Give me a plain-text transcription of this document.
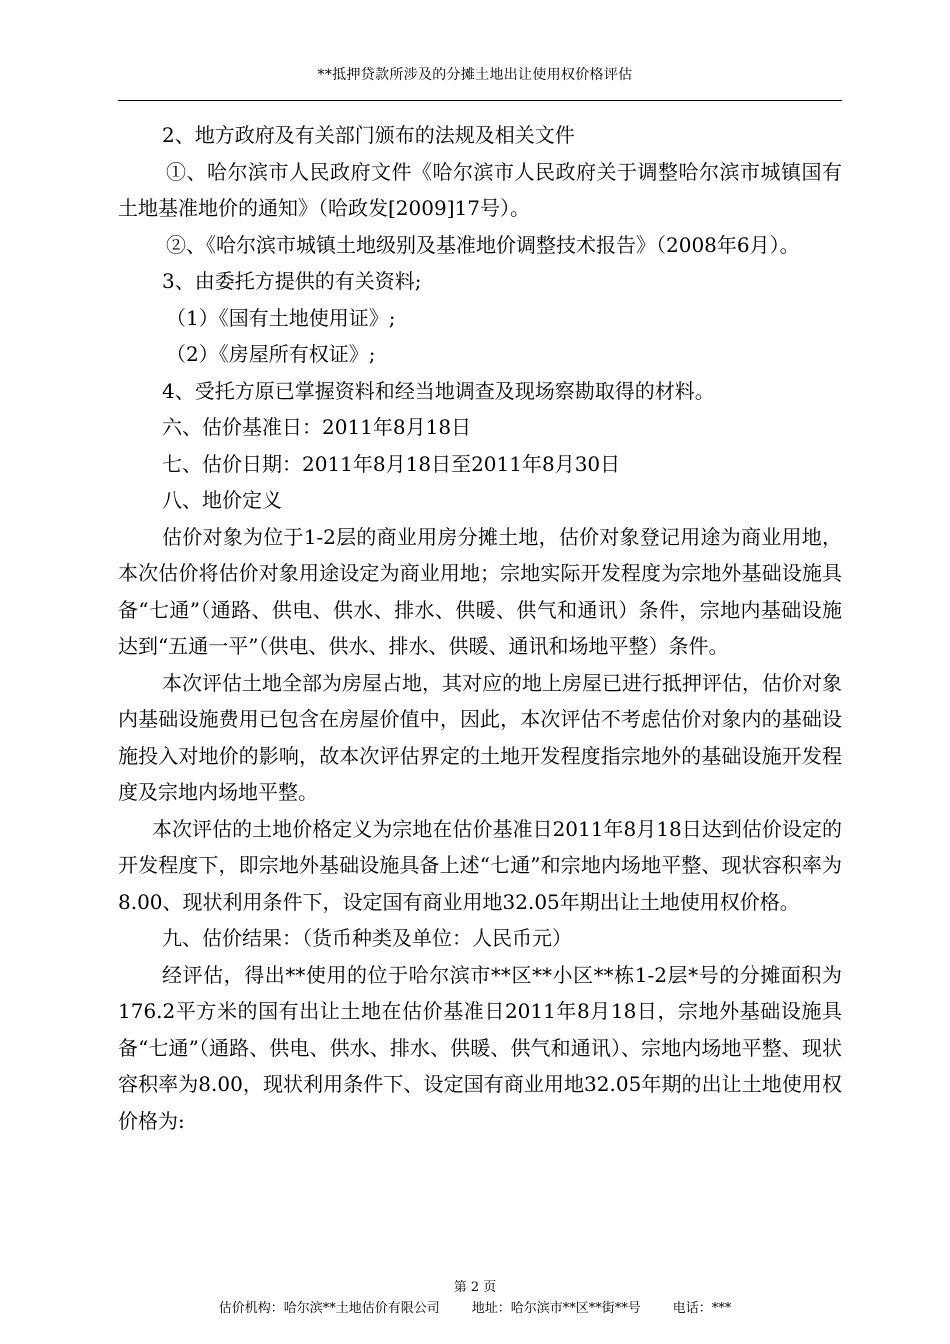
**抵押贷款所涉及的分摊土地出让使用权价格评估

2、地方政府及有关部门颁布的法规及相关文件

①、哈尔滨市人民政府文件《哈尔滨市人民政府关于调整哈尔滨市城镇国有土地基准地价的通知》（哈政发[2009]17号）。

②、《哈尔滨市城镇土地级别及基准地价调整技术报告》（2008年6月）。

3、由委托方提供的有关资料;

（1）《国有土地使用证》;

（2）《房屋所有权证》;

4、受托方原已掌握资料和经当地调查及现场察勘取得的材料。

六、估价基准日：2011年8月18日

七、估价日期：2011年8月18日至2011年8月30日

八、地价定义

估价对象为位于1-2层的商业用房分摊土地，估价对象登记用途为商业用地，本次估价将估价对象用途设定为商业用地；宗地实际开发程度为宗地外基础设施具备“七通”（通路、供电、供水、排水、供暖、供气和通讯）条件，宗地内基础设施达到“五通一平”（供电、供水、排水、供暖、通讯和场地平整）条件。

本次评估土地全部为房屋占地，其对应的地上房屋已进行抵押评估，估价对象内基础设施费用已包含在房屋价值中，因此，本次评估不考虑估价对象内的基础设施投入对地价的影响，故本次评估界定的土地开发程度指宗地外的基础设施开发程度及宗地内场地平整。

本次评估的土地价格定义为宗地在估价基准日2011年8月18日达到估价设定的开发程度下，即宗地外基础设施具备上述“七通”和宗地内场地平整、现状容积率为8.00、现状利用条件下，设定国有商业用地32.05年期出让土地使用权价格。

九、估价结果：（货币种类及单位：人民币元）

经评估，得出**使用的位于哈尔滨市**区**小区**栋1-2层*号的分摊面积为176.2平方米的国有出让土地在估价基准日2011年8月18日，宗地外基础设施具备“七通”（通路、供电、供水、排水、供暖、供气和通讯）、宗地内场地平整、现状容积率为8.00，现状利用条件下、设定国有商业用地32.05年期的出让土地使用权价格为:

第 2 页
估价机构：哈尔滨**土地估价有限公司 地址：哈尔滨市**区**街**号 电话：***
